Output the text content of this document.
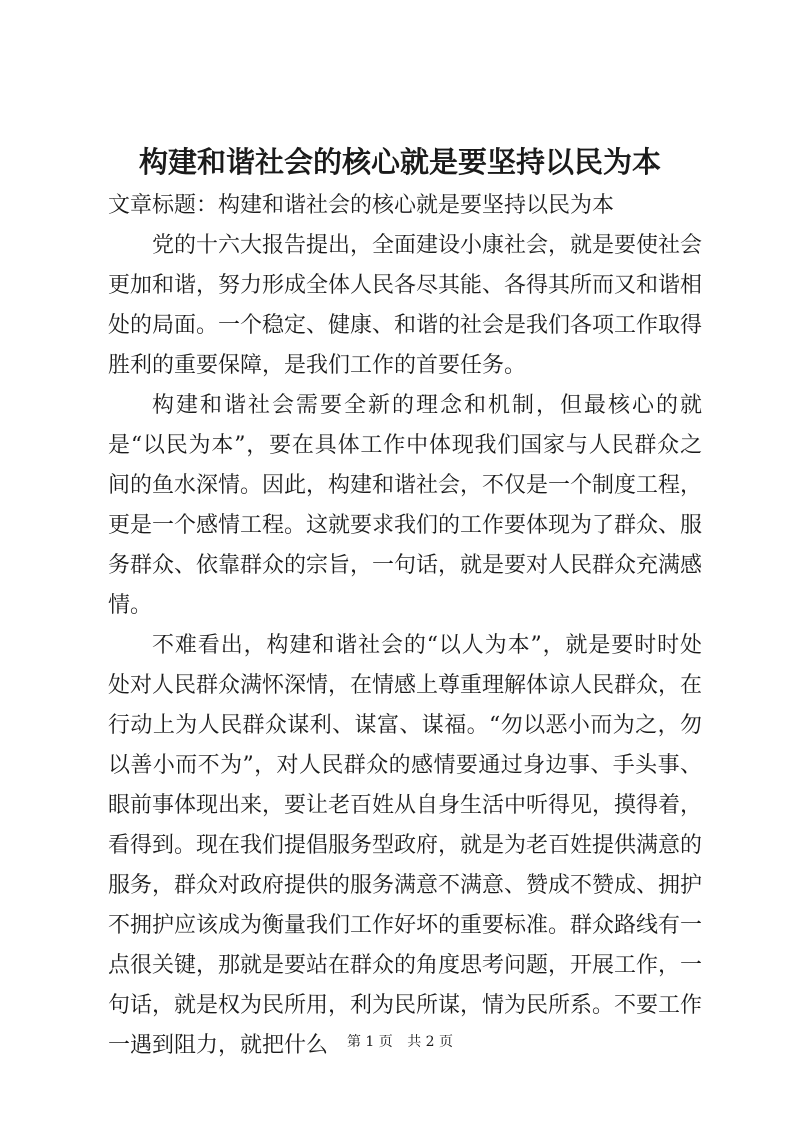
构建和谐社会的核心就是要坚持以民为本

文章标题：构建和谐社会的核心就是要坚持以民为本

党的十六大报告提出，全面建设小康社会，就是要使社会更加和谐，努力形成全体人民各尽其能、各得其所而又和谐相处的局面。一个稳定、健康、和谐的社会是我们各项工作取得胜利的重要保障，是我们工作的首要任务。

构建和谐社会需要全新的理念和机制，但最核心的就是“以民为本”，要在具体工作中体现我们国家与人民群众之间的鱼水深情。因此，构建和谐社会，不仅是一个制度工程，更是一个感情工程。这就要求我们的工作要体现为了群众、服务群众、依靠群众的宗旨，一句话，就是要对人民群众充满感情。

不难看出，构建和谐社会的“以人为本”，就是要时时处处对人民群众满怀深情，在情感上尊重理解体谅人民群众，在行动上为人民群众谋利、谋富、谋福。“勿以恶小而为之，勿以善小而不为”，对人民群众的感情要通过身边事、手头事、眼前事体现出来，要让老百姓从自身生活中听得见，摸得着，看得到。现在我们提倡服务型政府，就是为老百姓提供满意的服务，群众对政府提供的服务满意不满意、赞成不赞成、拥护不拥护应该成为衡量我们工作好坏的重要标准。群众路线有一点很关键，那就是要站在群众的角度思考问题，开展工作，一句话，就是权为民所用，利为民所谋，情为民所系。不要工作一遇到阻力，就把什么	第 1 页 共 2 页
